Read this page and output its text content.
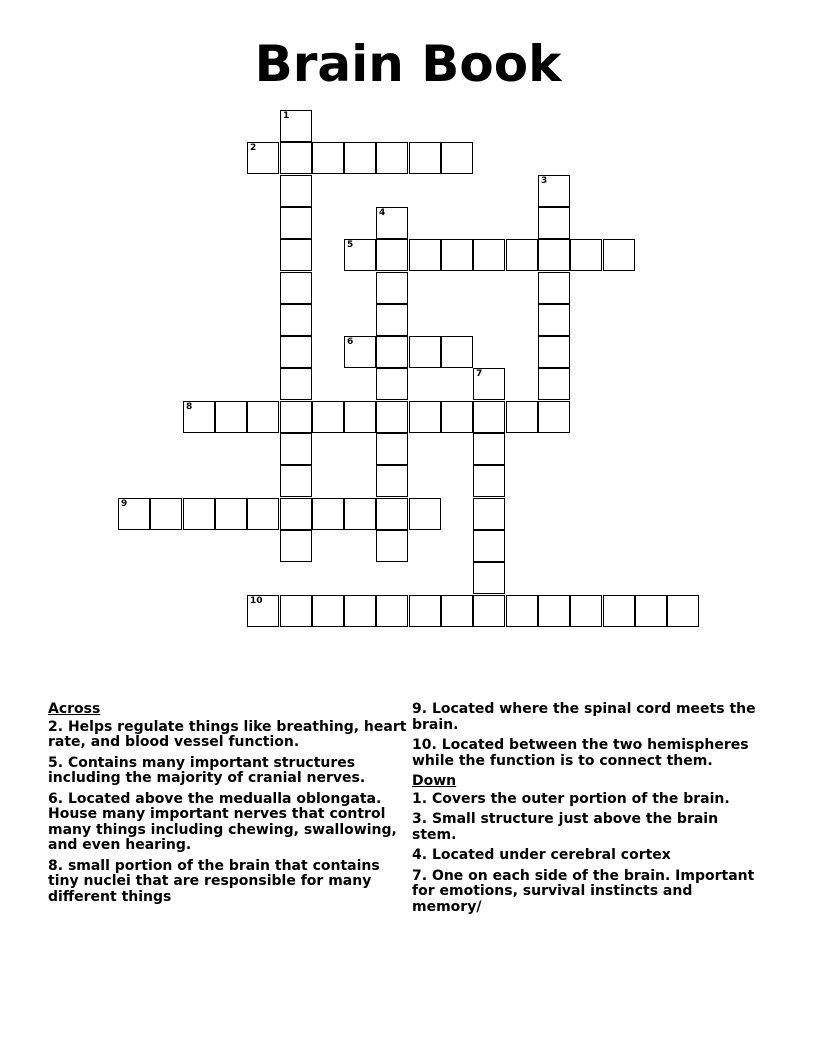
Brain Book
1
2
3
4
5
6
7
8
9
10
Across
2. Helps regulate things like breathing, heart rate, and blood vessel function.
5. Contains many important structures including the majority of cranial nerves.
6. Located above the medualla oblongata. House many important nerves that control many things including chewing, swallowing, and even hearing.
8. small portion of the brain that contains tiny nuclei that are responsible for many different things
9. Located where the spinal cord meets the brain.
10. Located between the two hemispheres while the function is to connect them.
Down
1. Covers the outer portion of the brain.
3. Small structure just above the brain stem.
4. Located under cerebral cortex
7. One on each side of the brain. Important for emotions, survival instincts and memory/
